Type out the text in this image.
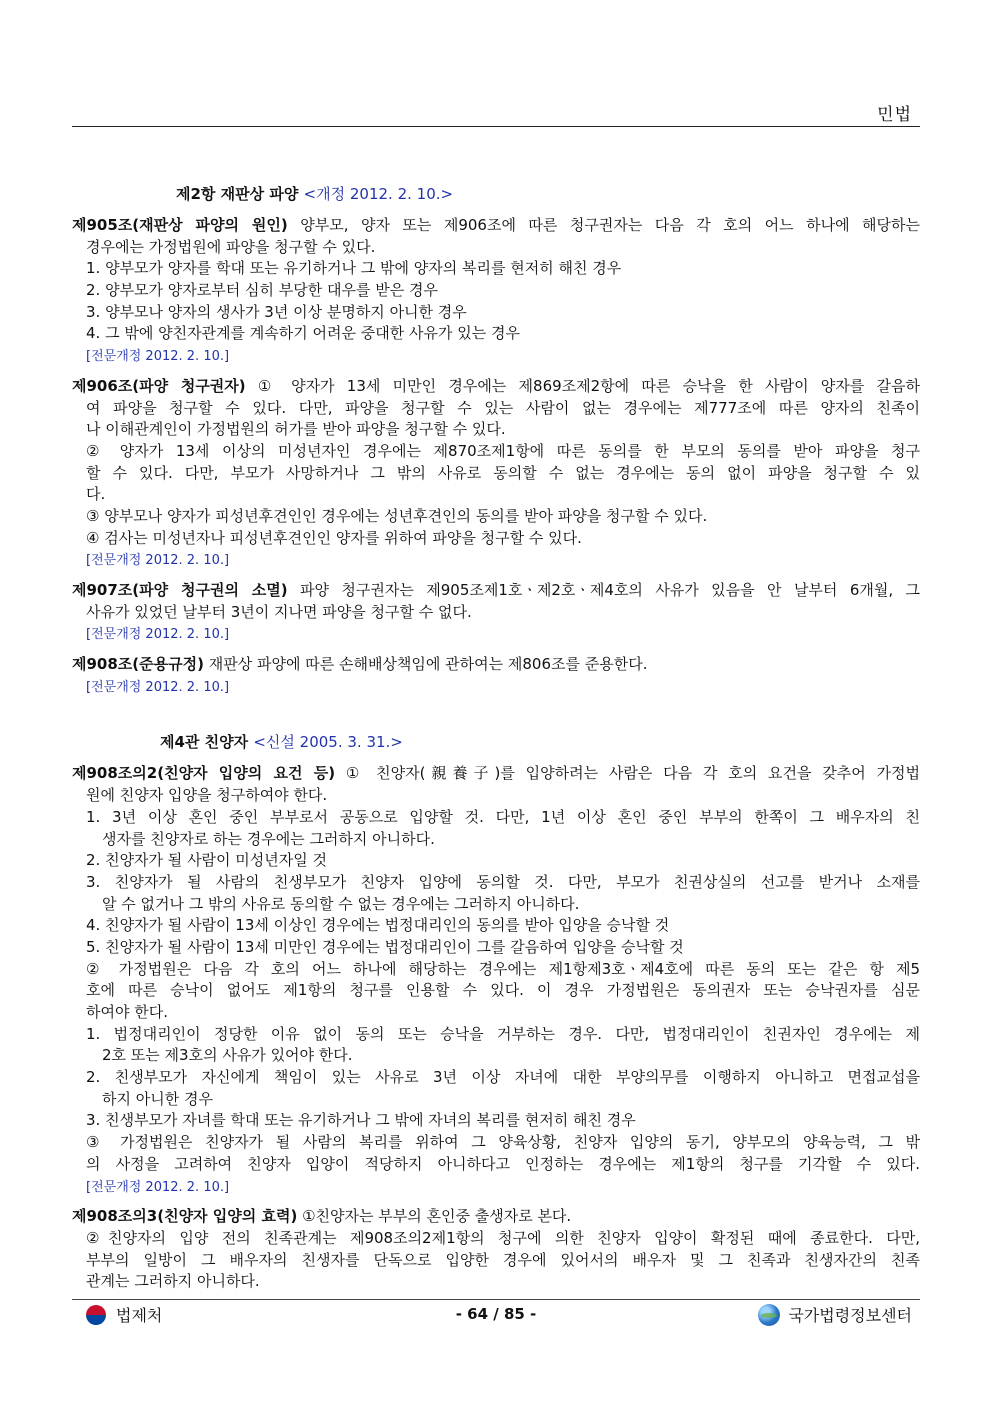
민법
제2항 재판상 파양 <개정 2012. 2. 10.>
제905조(재판상 파양의 원인) 양부모, 양자 또는 제906조에 따른 청구권자는 다음 각 호의 어느 하나에 해당하는
경우에는 가정법원에 파양을 청구할 수 있다.
1. 양부모가 양자를 학대 또는 유기하거나 그 밖에 양자의 복리를 현저히 해친 경우
2. 양부모가 양자로부터 심히 부당한 대우를 받은 경우
3. 양부모나 양자의 생사가 3년 이상 분명하지 아니한 경우
4. 그 밖에 양친자관계를 계속하기 어려운 중대한 사유가 있는 경우
[전문개정 2012. 2. 10.]
제906조(파양 청구권자) ① 양자가 13세 미만인 경우에는 제869조제2항에 따른 승낙을 한 사람이 양자를 갈음하
여 파양을 청구할 수 있다. 다만, 파양을 청구할 수 있는 사람이 없는 경우에는 제777조에 따른 양자의 친족이
나 이해관계인이 가정법원의 허가를 받아 파양을 청구할 수 있다.
② 양자가 13세 이상의 미성년자인 경우에는 제870조제1항에 따른 동의를 한 부모의 동의를 받아 파양을 청구
할 수 있다. 다만, 부모가 사망하거나 그 밖의 사유로 동의할 수 없는 경우에는 동의 없이 파양을 청구할 수 있
다.
③ 양부모나 양자가 피성년후견인인 경우에는 성년후견인의 동의를 받아 파양을 청구할 수 있다.
④ 검사는 미성년자나 피성년후견인인 양자를 위하여 파양을 청구할 수 있다.
[전문개정 2012. 2. 10.]
제907조(파양 청구권의 소멸) 파양 청구권자는 제905조제1호ㆍ제2호ㆍ제4호의 사유가 있음을 안 날부터 6개월, 그
사유가 있었던 날부터 3년이 지나면 파양을 청구할 수 없다.
[전문개정 2012. 2. 10.]
제908조(준용규정) 재판상 파양에 따른 손해배상책임에 관하여는 제806조를 준용한다.
[전문개정 2012. 2. 10.]
제4관 친양자 <신설 2005. 3. 31.>
제908조의2(친양자 입양의 요건 등) ① 친양자(親養子)를 입양하려는 사람은 다음 각 호의 요건을 갖추어 가정법
원에 친양자 입양을 청구하여야 한다.
1. 3년 이상 혼인 중인 부부로서 공동으로 입양할 것. 다만, 1년 이상 혼인 중인 부부의 한쪽이 그 배우자의 친
생자를 친양자로 하는 경우에는 그러하지 아니하다.
2. 친양자가 될 사람이 미성년자일 것
3. 친양자가 될 사람의 친생부모가 친양자 입양에 동의할 것. 다만, 부모가 친권상실의 선고를 받거나 소재를
알 수 없거나 그 밖의 사유로 동의할 수 없는 경우에는 그러하지 아니하다.
4. 친양자가 될 사람이 13세 이상인 경우에는 법정대리인의 동의를 받아 입양을 승낙할 것
5. 친양자가 될 사람이 13세 미만인 경우에는 법정대리인이 그를 갈음하여 입양을 승낙할 것
② 가정법원은 다음 각 호의 어느 하나에 해당하는 경우에는 제1항제3호ㆍ제4호에 따른 동의 또는 같은 항 제5
호에 따른 승낙이 없어도 제1항의 청구를 인용할 수 있다. 이 경우 가정법원은 동의권자 또는 승낙권자를 심문
하여야 한다.
1. 법정대리인이 정당한 이유 없이 동의 또는 승낙을 거부하는 경우. 다만, 법정대리인이 친권자인 경우에는 제
2호 또는 제3호의 사유가 있어야 한다.
2. 친생부모가 자신에게 책임이 있는 사유로 3년 이상 자녀에 대한 부양의무를 이행하지 아니하고 면접교섭을
하지 아니한 경우
3. 친생부모가 자녀를 학대 또는 유기하거나 그 밖에 자녀의 복리를 현저히 해친 경우
③ 가정법원은 친양자가 될 사람의 복리를 위하여 그 양육상황, 친양자 입양의 동기, 양부모의 양육능력, 그 밖
의 사정을 고려하여 친양자 입양이 적당하지 아니하다고 인정하는 경우에는 제1항의 청구를 기각할 수 있다.
[전문개정 2012. 2. 10.]
제908조의3(친양자 입양의 효력) ①친양자는 부부의 혼인중 출생자로 본다.
②친양자의 입양 전의 친족관계는 제908조의2제1항의 청구에 의한 친양자 입양이 확정된 때에 종료한다. 다만,
부부의 일방이 그 배우자의 친생자를 단독으로 입양한 경우에 있어서의 배우자 및 그 친족과 친생자간의 친족
관계는 그러하지 아니하다.
법제처	- 64 / 85 -	국가법령정보센터
